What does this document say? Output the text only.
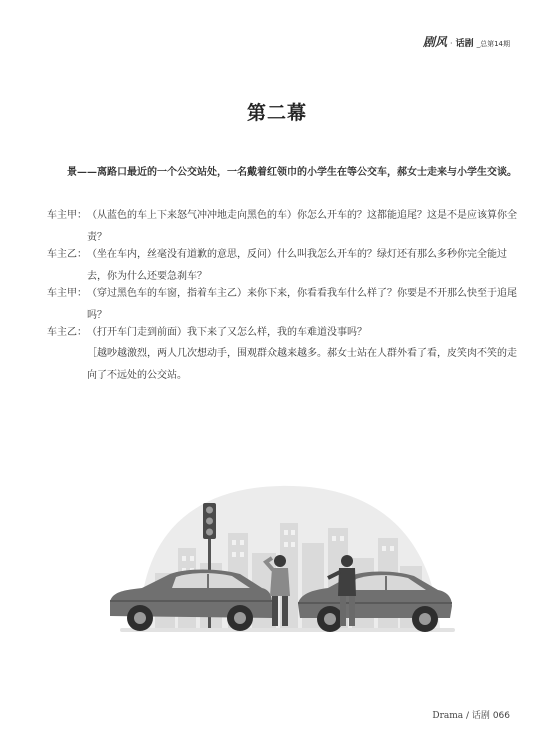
剧风 · 话剧 _总第14期
第二幕
景——离路口最近的一个公交站处，一名戴着红领巾的小学生在等公交车，郝女士走来与小学生交谈。
车主甲： （从蓝色的车上下来怒气冲冲地走向黑色的车）你怎么开车的？这都能追尾？这是不是应该算你全责？
车主乙： （坐在车内，丝毫没有道歉的意思，反问）什么叫我怎么开车的？绿灯还有那么多秒你完全能过去，你为什么还要急刹车？
车主甲： （穿过黑色车的车窗，指着车主乙）来你下来，你看看我车什么样了？你要是不开那么快至于追尾吗？
车主乙： （打开车门走到前面）我下来了又怎么样，我的车难道没事吗？
［越吵越激烈，两人几次想动手，围观群众越来越多。郝女士站在人群外看了看，皮笑肉不笑的走向了不远处的公交站。
Drama / 话剧 066
